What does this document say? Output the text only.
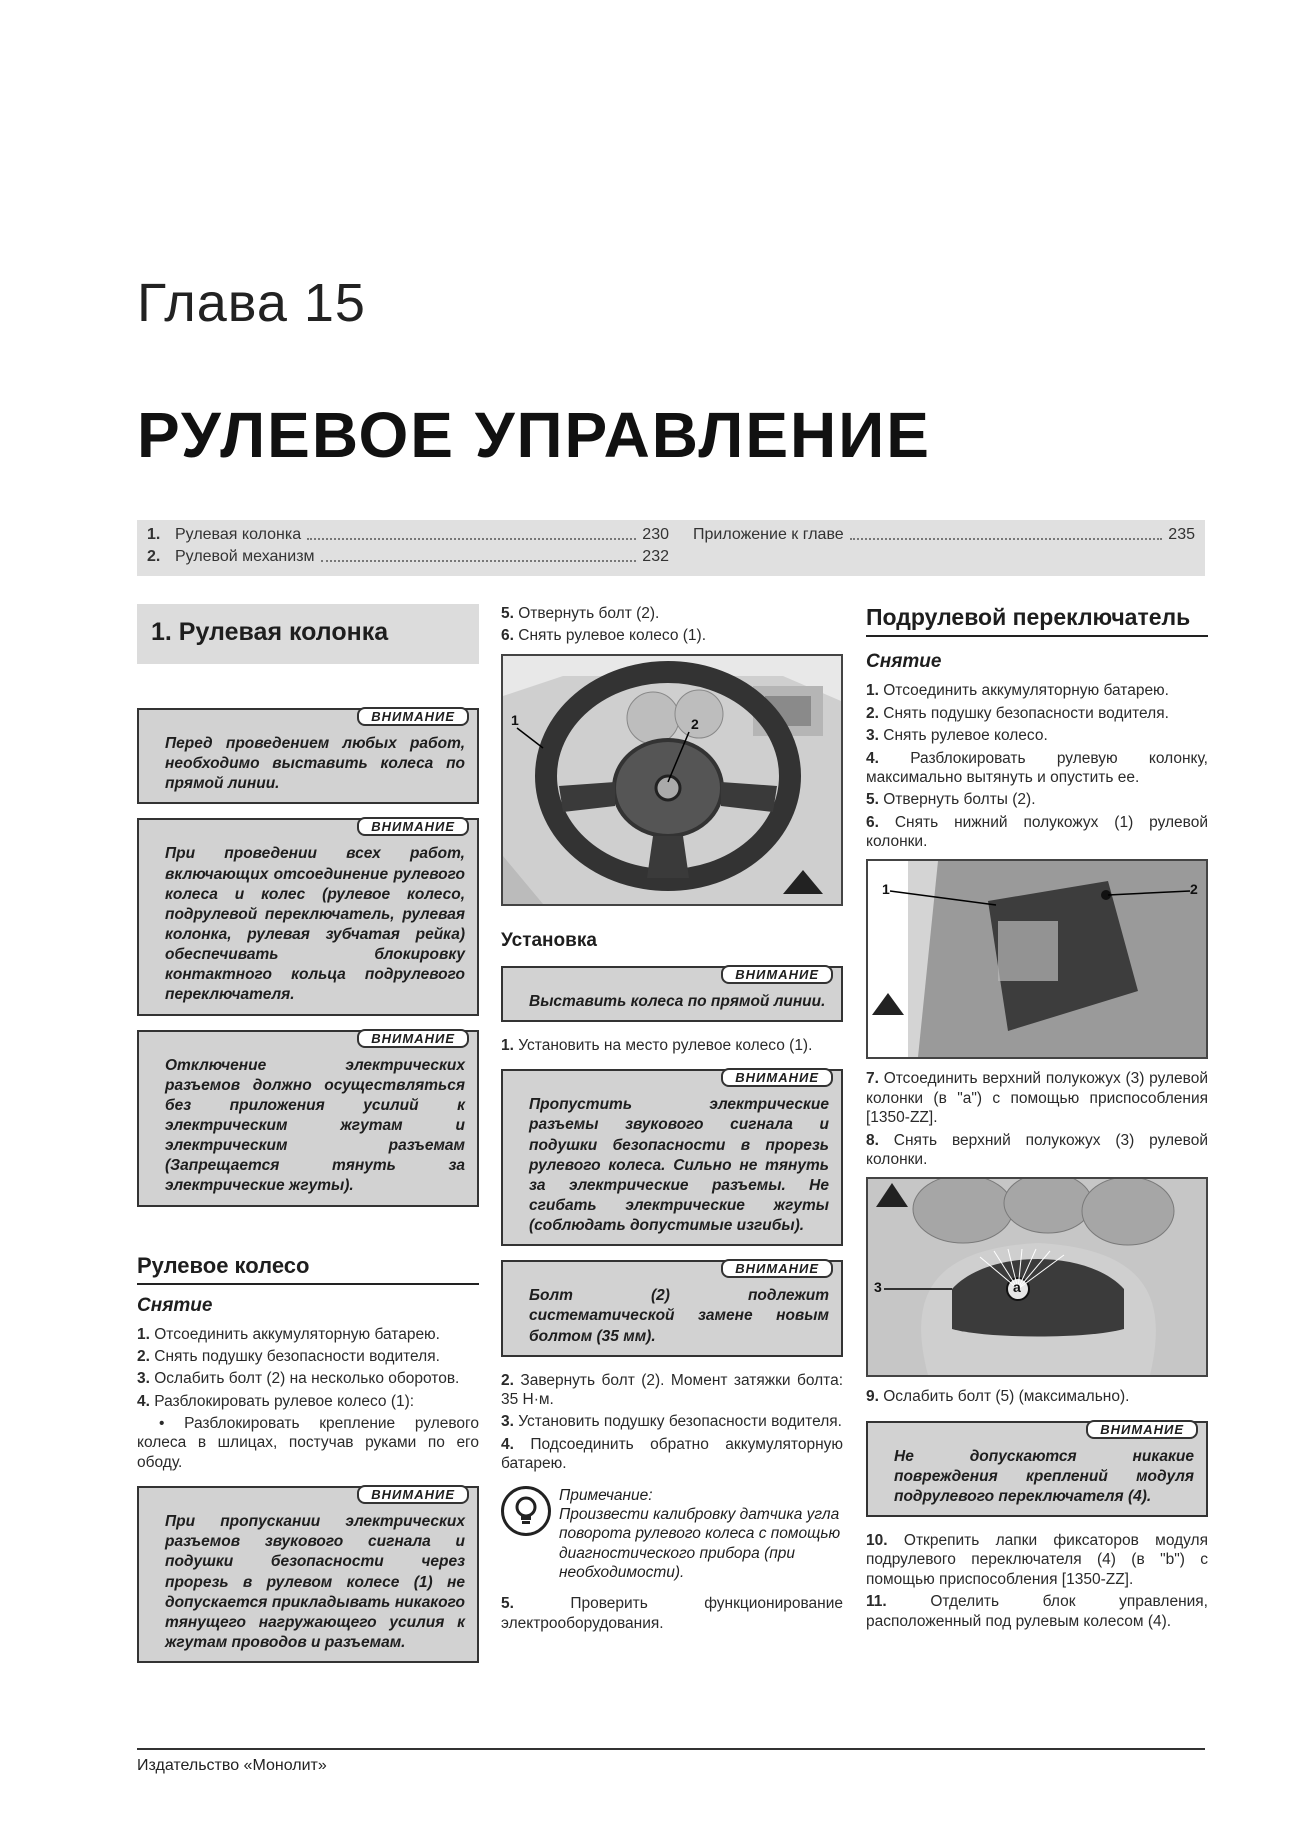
Глава 15
РУЛЕВОЕ УПРАВЛЕНИЕ
1. Рулевая колонка	230
2. Рулевой механизм	232
Приложение к главе	235
1. Рулевая колонка
ВНИМАНИЕ
Перед проведением любых работ, необходимо выставить колеса по прямой линии.
ВНИМАНИЕ
При проведении всех работ, включающих отсоединение рулевого колеса и колес (рулевое колесо, подрулевой переключатель, рулевая колонка, рулевая зубчатая рейка) обеспечивать блокировку контактного кольца подрулевого переключателя.
ВНИМАНИЕ
Отключение электрических разъемов должно осуществляться без приложения усилий к электрическим жгутам и электрическим разъемам (Запрещается тянуть за электрические жгуты).
Рулевое колесо
Снятие

1. Отсоединить аккумуляторную батарею.

2. Снять подушку безопасности водителя.

3. Ослабить болт (2) на несколько оборотов.

4. Разблокировать рулевое колесо (1):

• Разблокировать крепление рулевого колеса в шлицах, постучав руками по его ободу.

ВНИМАНИЕ
При пропускании электрических разъемов звукового сигнала и подушки безопасности через прорезь в рулевом колесе (1) не допускается прикладывать никакого тянущего нагружающего усилия к жгутам проводов и разъемам.

5. Отвернуть болт (2).

6. Снять рулевое колесо (1).

1	2
Установка
ВНИМАНИЕ
Выставить колеса по прямой линии.

1. Установить на место рулевое колесо (1).

ВНИМАНИЕ
Пропустить электрические разъемы звукового сигнала и подушки безопасности в прорезь рулевого колеса. Сильно не тянуть за электрические разъемы. Не сгибать электрические жгуты (соблюдать допустимые изгибы).
ВНИМАНИЕ
Болт (2) подлежит систематической замене новым болтом (35 мм).

2. Завернуть болт (2). Момент затяжки болта: 35 Н·м.

3. Установить подушку безопасности водителя.

4. Подсоединить обратно аккумуляторную батарею.

Примечание:
Произвести калибровку датчика угла поворота рулевого колеса с помощью диагностического прибора (при необходимости).

5.	Проверить функционирование электрооборудования.

Подрулевой переключатель
Снятие

1. Отсоединить аккумуляторную батарею.

2. Снять подушку безопасности водителя.

3. Снять рулевое колесо.

4. Разблокировать рулевую колонку, максимально вытянуть и опустить ее.

5. Отвернуть болты (2).

6. Снять нижний полукожух (1) рулевой колонки.

1	2

7. Отсоединить верхний полукожух (3) рулевой колонки (в "a") с помощью приспособления [1350-ZZ].

8. Снять верхний полукожух (3) рулевой колонки.

3	a

9. Ослабить болт (5) (максимально).

ВНИМАНИЕ
Не допускаются никакие повреждения креплений модуля подрулевого переключателя (4).

10. Открепить лапки фиксаторов модуля подрулевого переключателя (4) (в "b") с помощью приспособления [1350-ZZ].

11.	Отделить блок управления, расположенный под рулевым колесом (4).

Издательство «Монолит»
